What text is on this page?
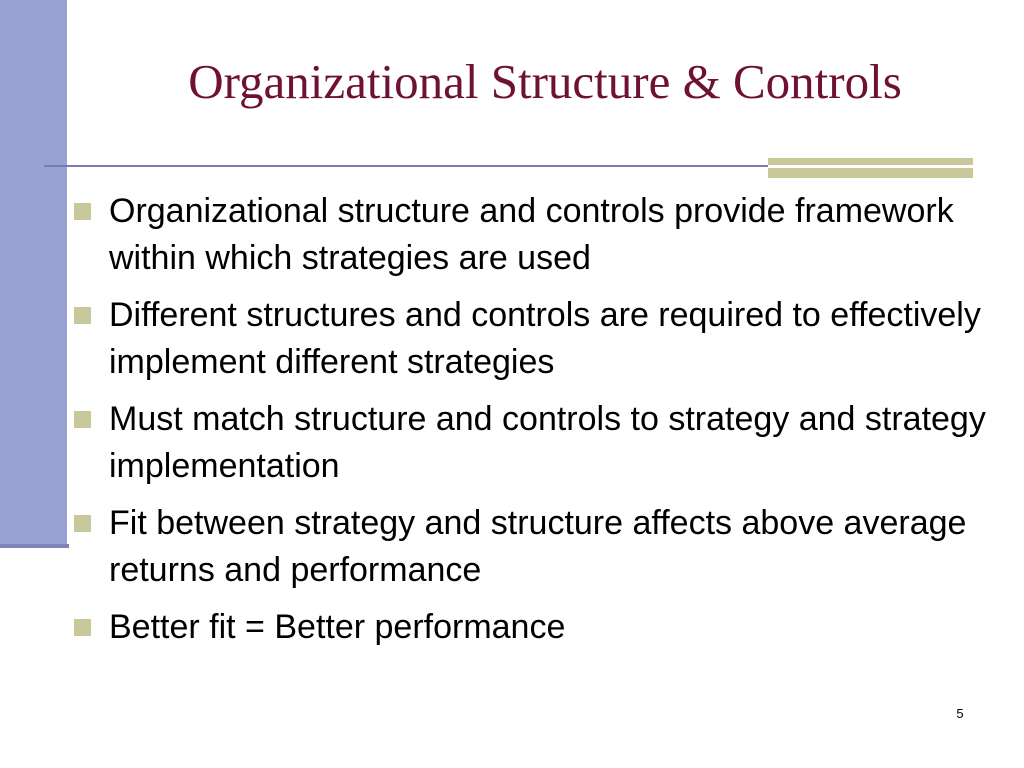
Organizational Structure & Controls
Organizational structure and controls provide framework within which strategies are used
Different structures and controls are required to effectively implement different strategies
Must match structure and controls to strategy and strategy implementation
Fit between strategy and structure affects above average returns and performance
Better fit = Better performance
5
